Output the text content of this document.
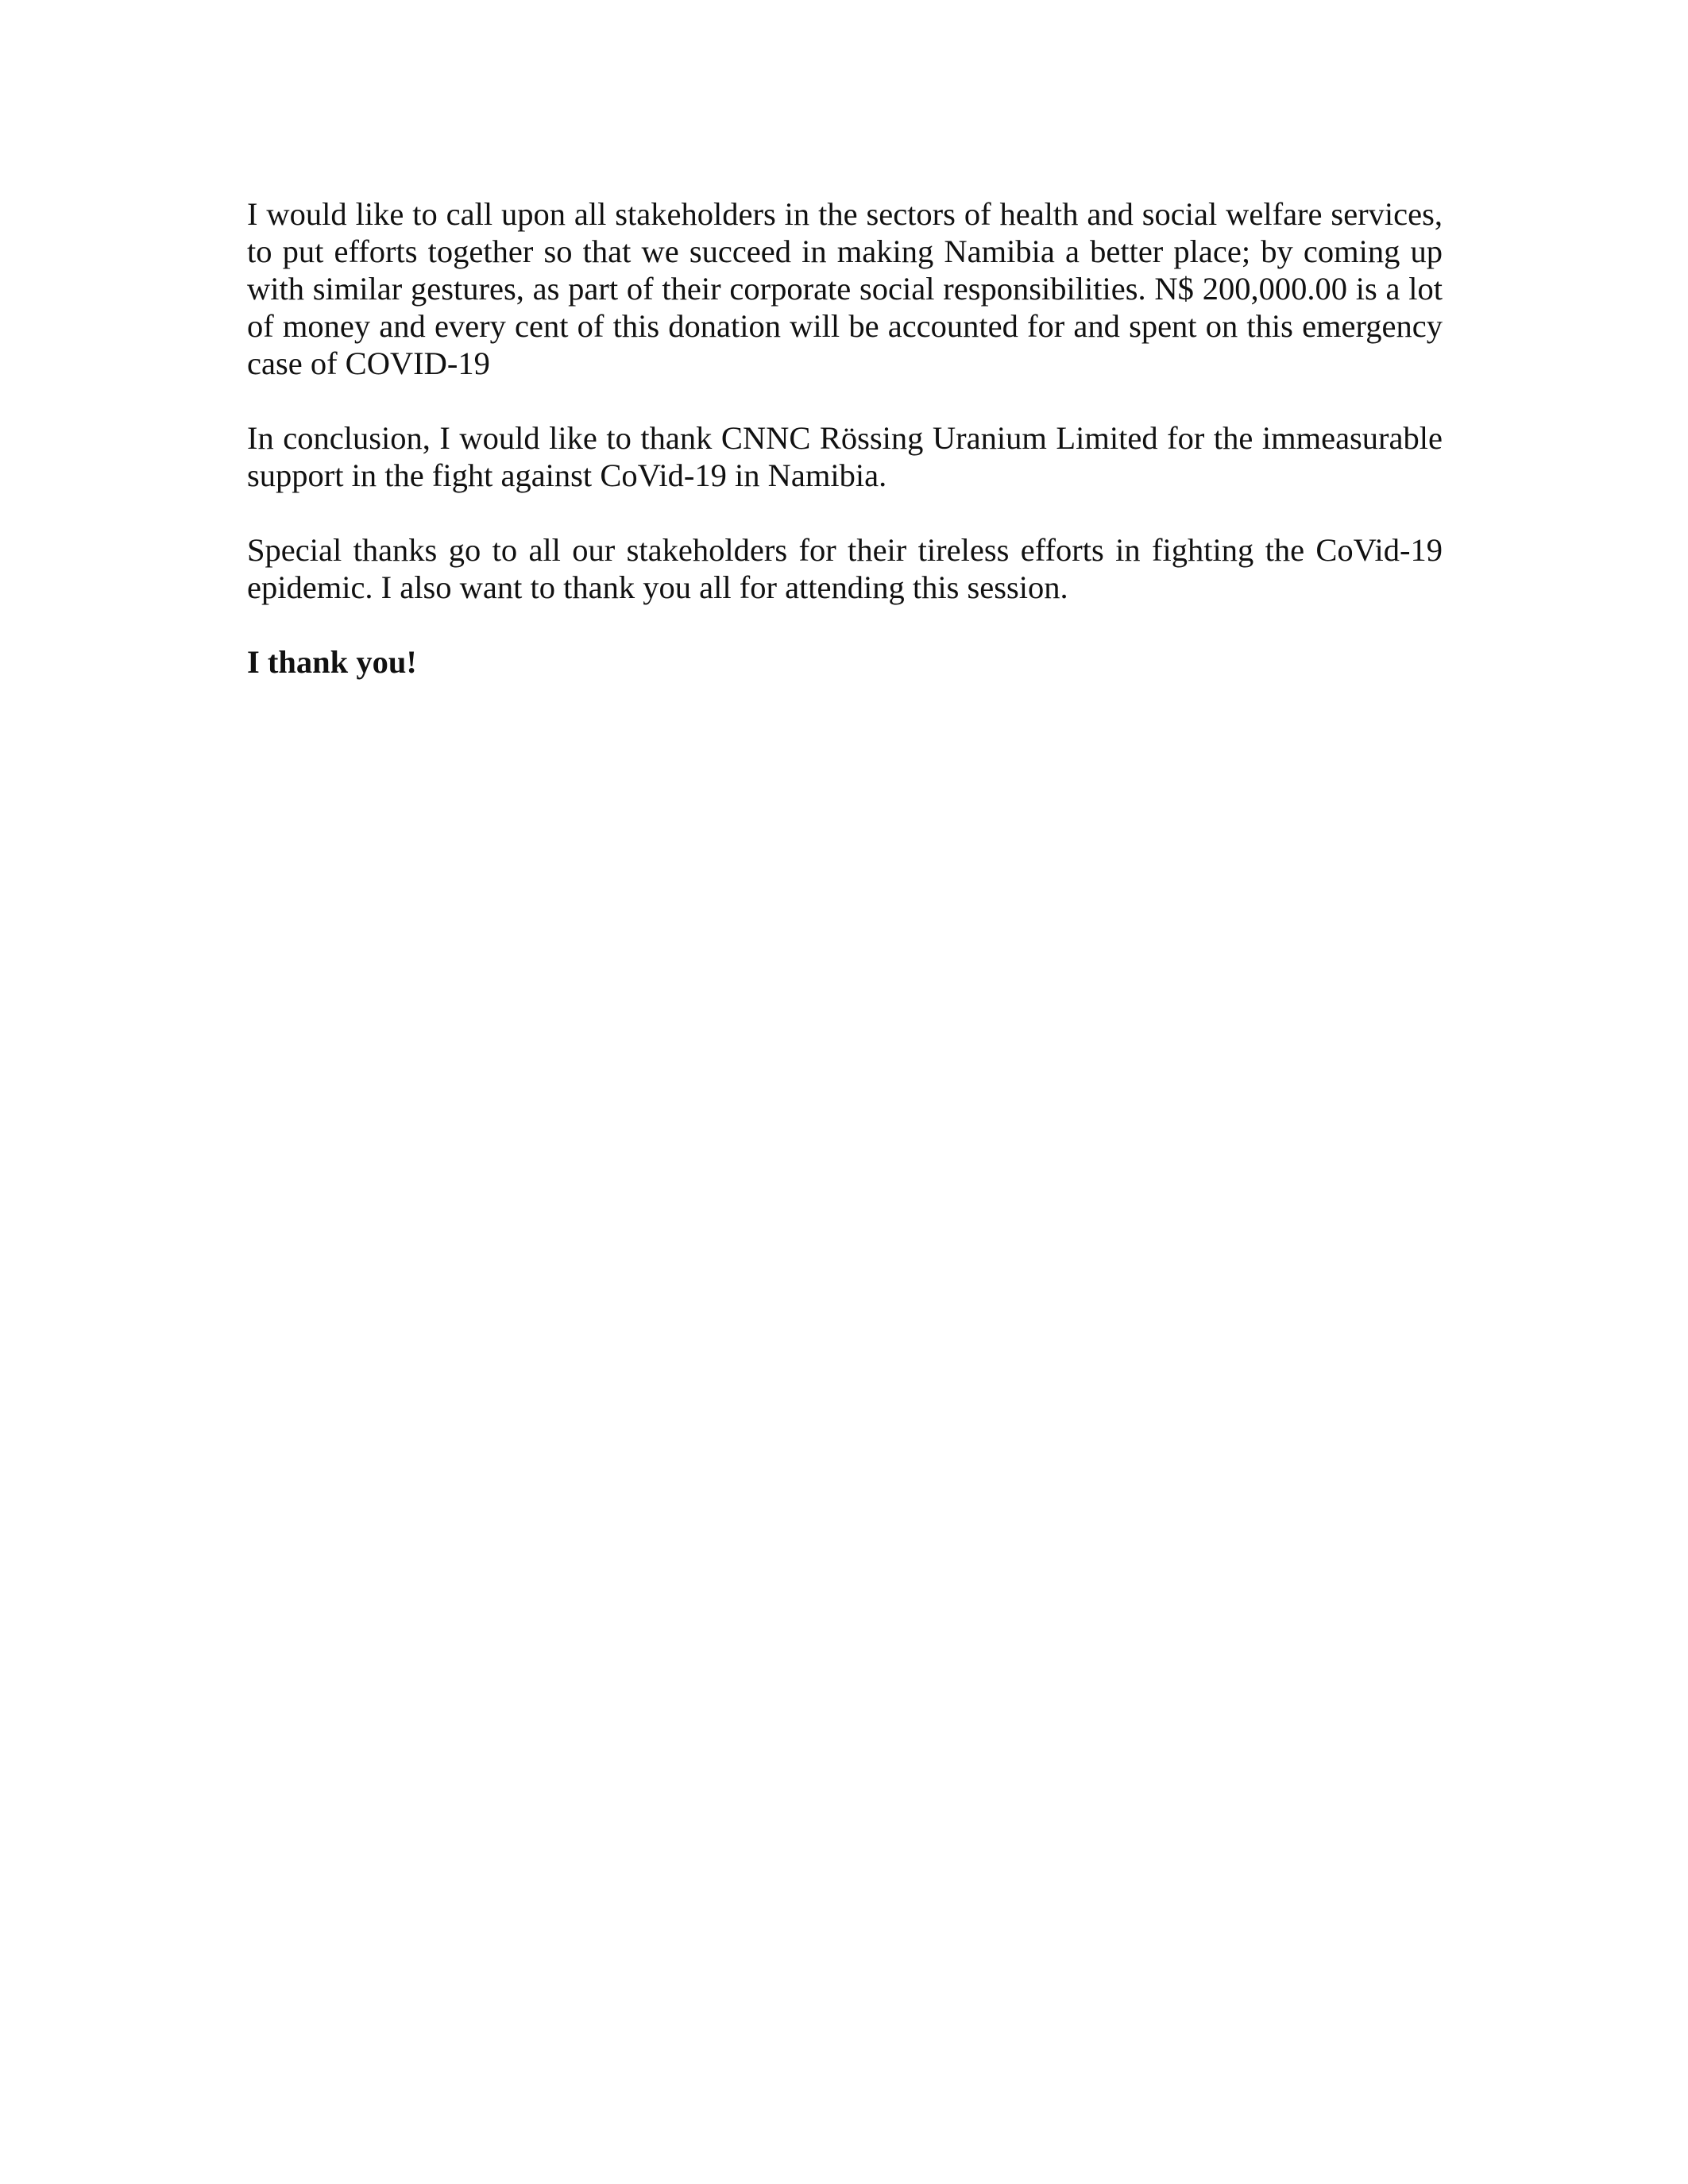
I would like to call upon all stakeholders in the sectors of health and social welfare services, to put efforts together so that we succeed in making Namibia a better place; by coming up with similar gestures, as part of their corporate social responsibilities. N$ 200,000.00 is a lot of money and every cent of this donation will be accounted for and spent on this emergency case of COVID-19

In conclusion, I would like to thank CNNC Rössing Uranium Limited for the immeasurable support in the fight against CoVid-19 in Namibia.

Special thanks go to all our stakeholders for their tireless efforts in fighting the CoVid-19 epidemic. I also want to thank you all for attending this session.

I thank you!
